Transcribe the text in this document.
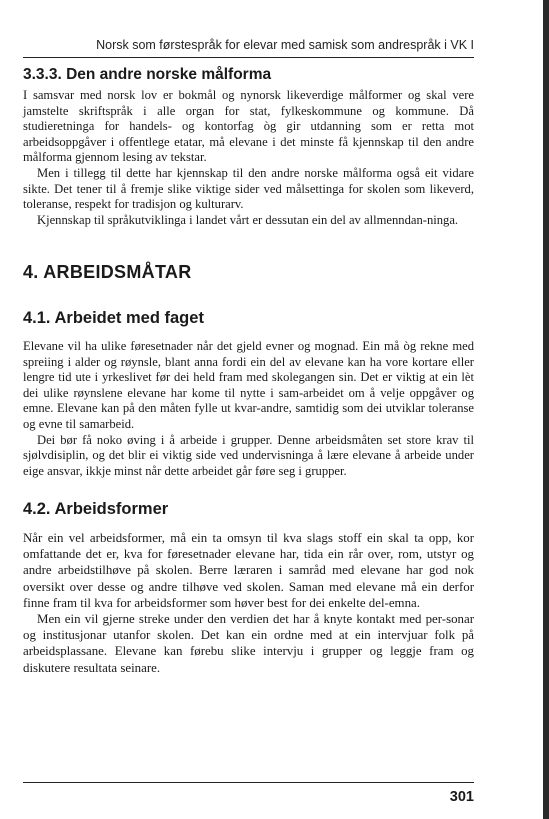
Norsk som førstespråk for elevar med samisk som andrespråk i VK I
3.3.3. Den andre norske målforma

I samsvar med norsk lov er bokmål og nynorsk likeverdige målformer og skal vere jamstelte skriftspråk i alle organ for stat, fylkeskommune og kommune. Då studieretninga for handels- og kontorfag òg gir utdanning som er retta mot arbeidsoppgåver i offentlege etatar, må elevane i det minste få kjennskap til den andre målforma gjennom lesing av tekstar.

Men i tillegg til dette har kjennskap til den andre norske målforma også eit vidare sikte. Det tener til å fremje slike viktige sider ved målsettinga for skolen som likeverd, toleranse, respekt for tradisjon og kulturarv.

Kjennskap til språkutviklinga i landet vårt er dessutan ein del av allmenndan-ninga.

4. ARBEIDSMÅTAR
4.1. Arbeidet med faget

Elevane vil ha ulike føresetnader når det gjeld evner og mognad. Ein må òg rekne med spreiing i alder og røynsle, blant anna fordi ein del av elevane kan ha vore kortare eller lengre tid ute i yrkeslivet før dei held fram med skolegangen sin. Det er viktig at ein lèt dei ulike røynslene elevane har kome til nytte i sam-arbeidet om å velje oppgåver og emne. Elevane kan på den måten fylle ut kvar-andre, samtidig som dei utviklar toleranse og evne til samarbeid.

Dei bør få noko øving i å arbeide i grupper. Denne arbeidsmåten set store krav til sjølvdisiplin, og det blir ei viktig side ved undervisninga å lære elevane å arbeide under eige ansvar, ikkje minst når dette arbeidet går føre seg i grupper.

4.2. Arbeidsformer

Når ein vel arbeidsformer, må ein ta omsyn til kva slags stoff ein skal ta opp, kor omfattande det er, kva for føresetnader elevane har, tida ein rår over, rom, utstyr og andre arbeidstilhøve på skolen. Berre læraren i samråd med elevane har god nok oversikt over desse og andre tilhøve ved skolen. Saman med elevane må ein derfor finne fram til kva for arbeidsformer som høver best for dei enkelte del-emna.

Men ein vil gjerne streke under den verdien det har å knyte kontakt med per-sonar og institusjonar utanfor skolen. Det kan ein ordne med at ein intervjuar folk på arbeidsplassane. Elevane kan førebu slike intervju i grupper og leggje fram og diskutere resultata seinare.

301
